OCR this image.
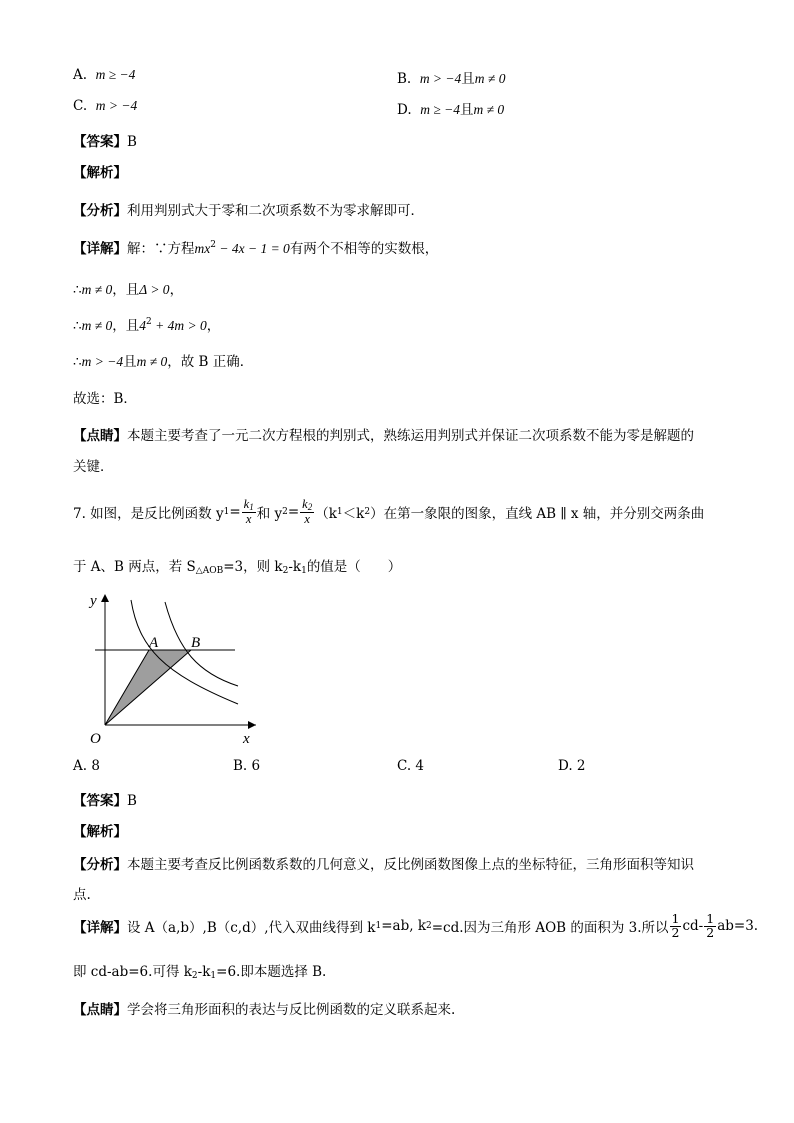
A. m ≥ −4	B. m > −4且m ≠ 0
C. m > −4	D. m ≥ −4且m ≠ 0
【答案】B
【解析】
【分析】利用判别式大于零和二次项系数不为零求解即可．
【详解】解：∵方程$mx^2 - 4x - 1 = 0$有两个不相等的实数根，
∴m ≠ 0，且Δ > 0，
∴m ≠ 0，且$4^2 + 4m > 0$，
∴m > −4且m ≠ 0，故 B 正确．
故选：B．
【点睛】本题主要考查了一元二次方程根的判别式，熟练运用判别式并保证二次项系数不能为零是解题的
关键．
7. 如图，是反比例函数 y $1 = \frac{k_1}{x}$ 和 y $2 = \frac{k_2}{x} (k$ 1 ＜k 2 ）在第一象限的图象，直线 AB ∥ x 轴，并分别交两条曲
于 A、B 两点，若 $S_{\triangle AOB}=3$，则 $k_2-k_1$的值是（　　）
y
x
O
A B
A. 8	B. 6	C. 4	D. 2
【答案】B
【解析】
【分析】本题主要考查反比例函数系数的几何意义，反比例函数图像上点的坐标特征，三角形面积等知识
点.
【详解】 设 A（a,b）,B（c,d）,代入双曲线得到 k 1 =ab, k 2 =cd.因为三角形 AOB 的面积为 3.所以 $\frac{1}{2} cd- \frac{1}{2} ab=3$.
即 cd-ab=6.可得 $k_2-k_1=6$.即本题选择 B.
【点睛】学会将三角形面积的表达与反比例函数的定义联系起来.
